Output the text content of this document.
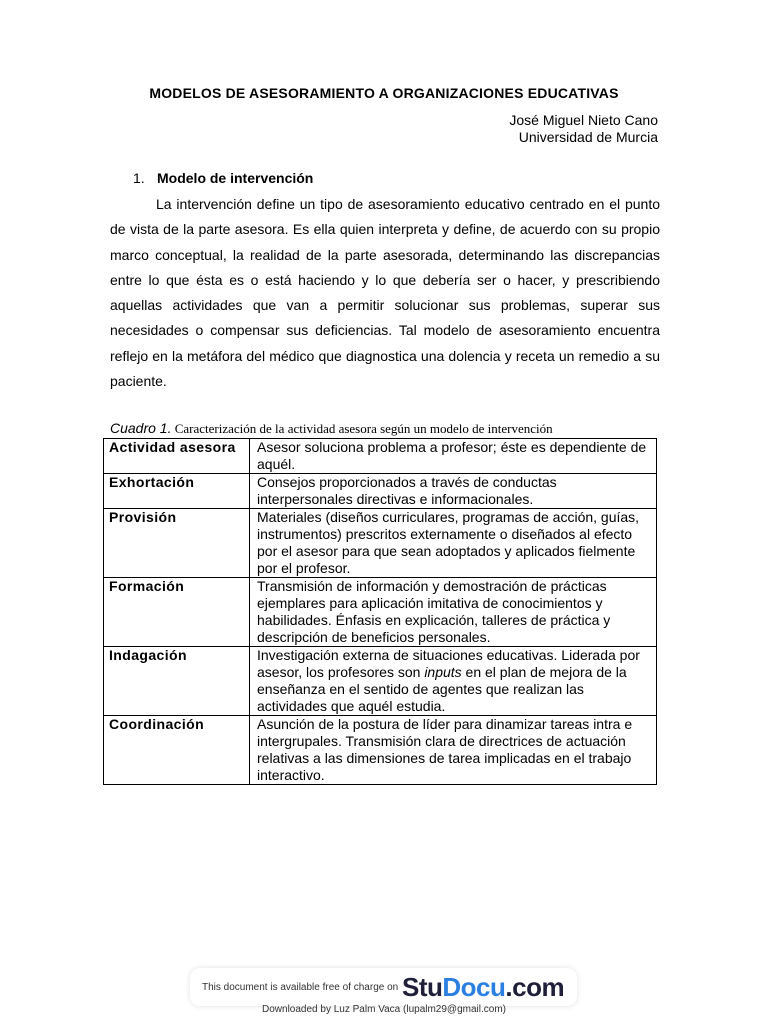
MODELOS DE ASESORAMIENTO A ORGANIZACIONES EDUCATIVAS
José Miguel Nieto Cano
Universidad de Murcia
1. Modelo de intervención

La intervención define un tipo de asesoramiento educativo centrado en el punto de vista de la parte asesora. Es ella quien interpreta y define, de acuerdo con su propio marco conceptual, la realidad de la parte asesorada, determinando las discrepancias entre lo que ésta es o está haciendo y lo que debería ser o hacer, y prescribiendo aquellas actividades que van a permitir solucionar sus problemas, superar sus necesidades o compensar sus deficiencias. Tal modelo de asesoramiento encuentra reflejo en la metáfora del médico que diagnostica una dolencia y receta un remedio a su paciente.

Cuadro 1. Caracterización de la actividad asesora según un modelo de intervención
Actividad asesora	Asesor soluciona problema a profesor; éste es dependiente de aquél.
Exhortación	Consejos proporcionados a través de conductas interpersonales directivas e informacionales.
Provisión	Materiales (diseños curriculares, programas de acción, guías, instrumentos) prescritos externamente o diseñados al efecto por el asesor para que sean adoptados y aplicados fielmente por el profesor.
Formación	Transmisión de información y demostración de prácticas ejemplares para aplicación imitativa de conocimientos y habilidades. Énfasis en explicación, talleres de práctica y descripción de beneficios personales.
Indagación	Investigación externa de situaciones educativas. Liderada por asesor, los profesores son inputs en el plan de mejora de la enseñanza en el sentido de agentes que realizan las actividades que aquél estudia.
Coordinación	Asunción de la postura de líder para dinamizar tareas intra e intergrupales. Transmisión clara de directrices de actuación relativas a las dimensiones de tarea implicadas en el trabajo interactivo.
This document is available free of charge on StuDocu.com
Downloaded by Luz Palm Vaca (lupalm29@gmail.com)
